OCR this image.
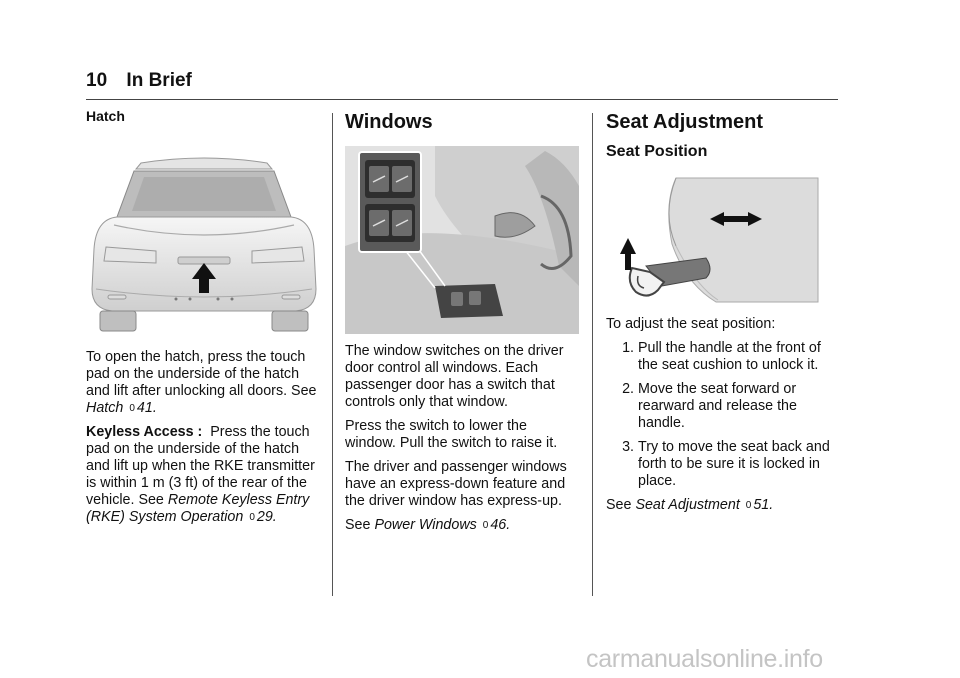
10 In Brief
Hatch

To open the hatch, press the touch pad on the underside of the hatch and lift after unlocking all doors. See Hatch 0 41.

Keyless Access : Press the touch pad on the underside of the hatch and lift up when the RKE transmitter is within 1 m (3 ft) of the rear of the vehicle. See Remote Keyless Entry (RKE) System Operation 0 29.

Windows

The window switches on the driver door control all windows. Each passenger door has a switch that controls only that window.

Press the switch to lower the window. Pull the switch to raise it.

The driver and passenger windows have an express-down feature and the driver window has express-up.

See Power Windows 0 46.

Seat Adjustment
Seat Position

To adjust the seat position:

1. Pull the handle at the front of the seat cushion to unlock it.
2. Move the seat forward or rearward and release the handle.
3. Try to move the seat back and forth to be sure it is locked in place.

See Seat Adjustment 0 51.

carmanualsonline.info
